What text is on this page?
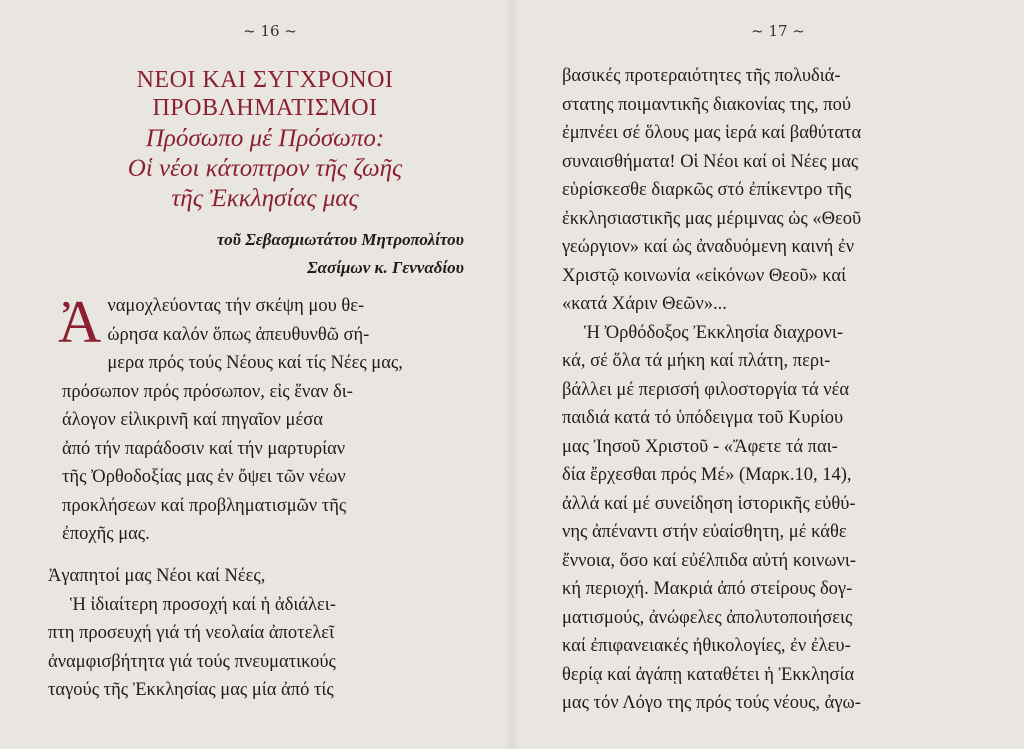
~ 16 ~
ΝΕΟΙ ΚΑΙ ΣΥΓΧΡΟΝΟΙ
ΠΡΟΒΛΗΜΑΤΙΣΜΟΙ
Πρόσωπο μέ Πρόσωπο:
Οἱ νέοι κάτοπτρον τῆς ζωῆς
τῆς Ἐκκλησίας μας
τοῦ Σεβασμιωτάτου Μητροπολίτου
Σασίμων κ. Γενναδίου
Ἀ ναμοχλεύοντας τήν σκέψη μου θε-
ώρησα καλόν ὅπως ἀπευθυνθῶ σή-
μερα πρός τούς Νέους καί τίς Νέες μας,
πρόσωπον πρός πρόσωπον, εἰς ἕναν δι-
άλογον εἰλικρινῆ καί πηγαῖον μέσα
ἀπό τήν παράδοσιν καί τήν μαρτυρίαν
τῆς Ὀρθοδοξίας μας ἐν ὄψει τῶν νέων
προκλήσεων καί προβληματισμῶν τῆς
ἐποχῆς μας.
Ἀγαπητοί μας Νέοι καί Νέες,
Ἡ ἰδιαίτερη προσοχή καί ἡ ἀδιάλει-
πτη προσευχή γιά τή νεολαία ἀποτελεῖ
ἀναμφισβήτητα γιά τούς πνευματικούς
ταγούς τῆς Ἐκκλησίας μας μία ἀπό τίς
~ 17 ~
βασικές προτεραιότητες τῆς πολυδιά-
στατης ποιμαντικῆς διακονίας της, πού
ἐμπνέει σέ ὅλους μας ἱερά καί βαθύτατα
συναισθήματα! Οἱ Νέοι καί οἱ Νέες μας
εὑρίσκεσθε διαρκῶς στό ἐπίκεντρο τῆς
ἐκκλησιαστικῆς μας μέριμνας ὡς «Θεοῦ
γεώργιον» καί ὡς ἀναδυόμενη καινή ἐν
Χριστῷ κοινωνία «εἰκόνων Θεοῦ» καί
«κατά Χάριν Θεῶν»...
Ἡ Ὀρθόδοξος Ἐκκλησία διαχρονι-
κά, σέ ὅλα τά μήκη καί πλάτη, περι-
βάλλει μέ περισσή φιλοστοργία τά νέα
παιδιά κατά τό ὑπόδειγμα τοῦ Κυρίου
μας Ἰησοῦ Χριστοῦ - «Ἄφετε τά παι-
δία ἔρχεσθαι πρός Μέ» (Μαρκ.10, 14),
ἀλλά καί μέ συνείδηση ἱστορικῆς εὐθύ-
νης ἀπέναντι στήν εὐαίσθητη, μέ κάθε
ἔννοια, ὅσο καί εὐέλπιδα αὐτή κοινωνι-
κή περιοχή. Μακριά ἀπό στείρους δογ-
ματισμούς, ἀνώφελες ἀπολυτοποιήσεις
καί ἐπιφανειακές ἠθικολογίες, ἐν ἐλευ-
θερίᾳ καί ἀγάπῃ καταθέτει ἡ Ἐκκλησία
μας τόν Λόγο της πρός τούς νέους, ἀγω-
